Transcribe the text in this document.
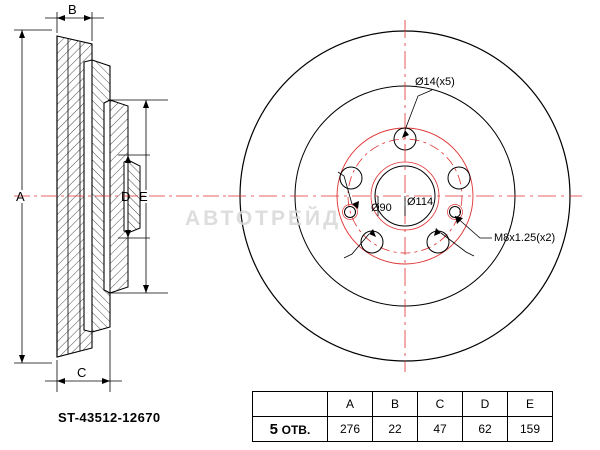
A
B
C
D E
Ø14(x5)
M8x1.25(x2)
Ø90 Ø114
АВТОТРЕЙД
ST-43512-12670
	A	B	C	D	E
5 ОТВ.	276	22	47	62	159
